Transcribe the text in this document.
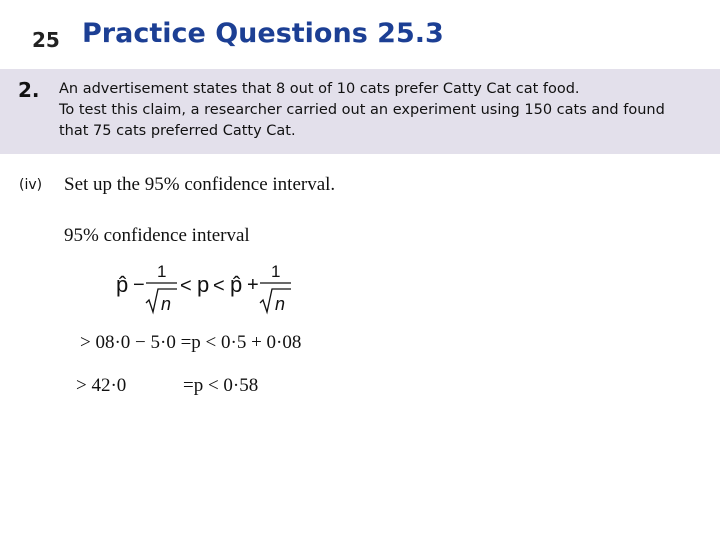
25 Practice Questions 25.3
2. An advertisement states that 8 out of 10 cats prefer Catty Cat cat food.
To test this claim, a researcher carried out an experiment using 150 cats and found
that 75 cats preferred Catty Cat.
(iv) Set up the 95% confidence interval.
95% confidence interval
p̂ −
1
n
< p < p̂ +
1
n
> 08·0 − 5·0 =p < 0·5 + 0·08
> 42·0	=p < 0·58
